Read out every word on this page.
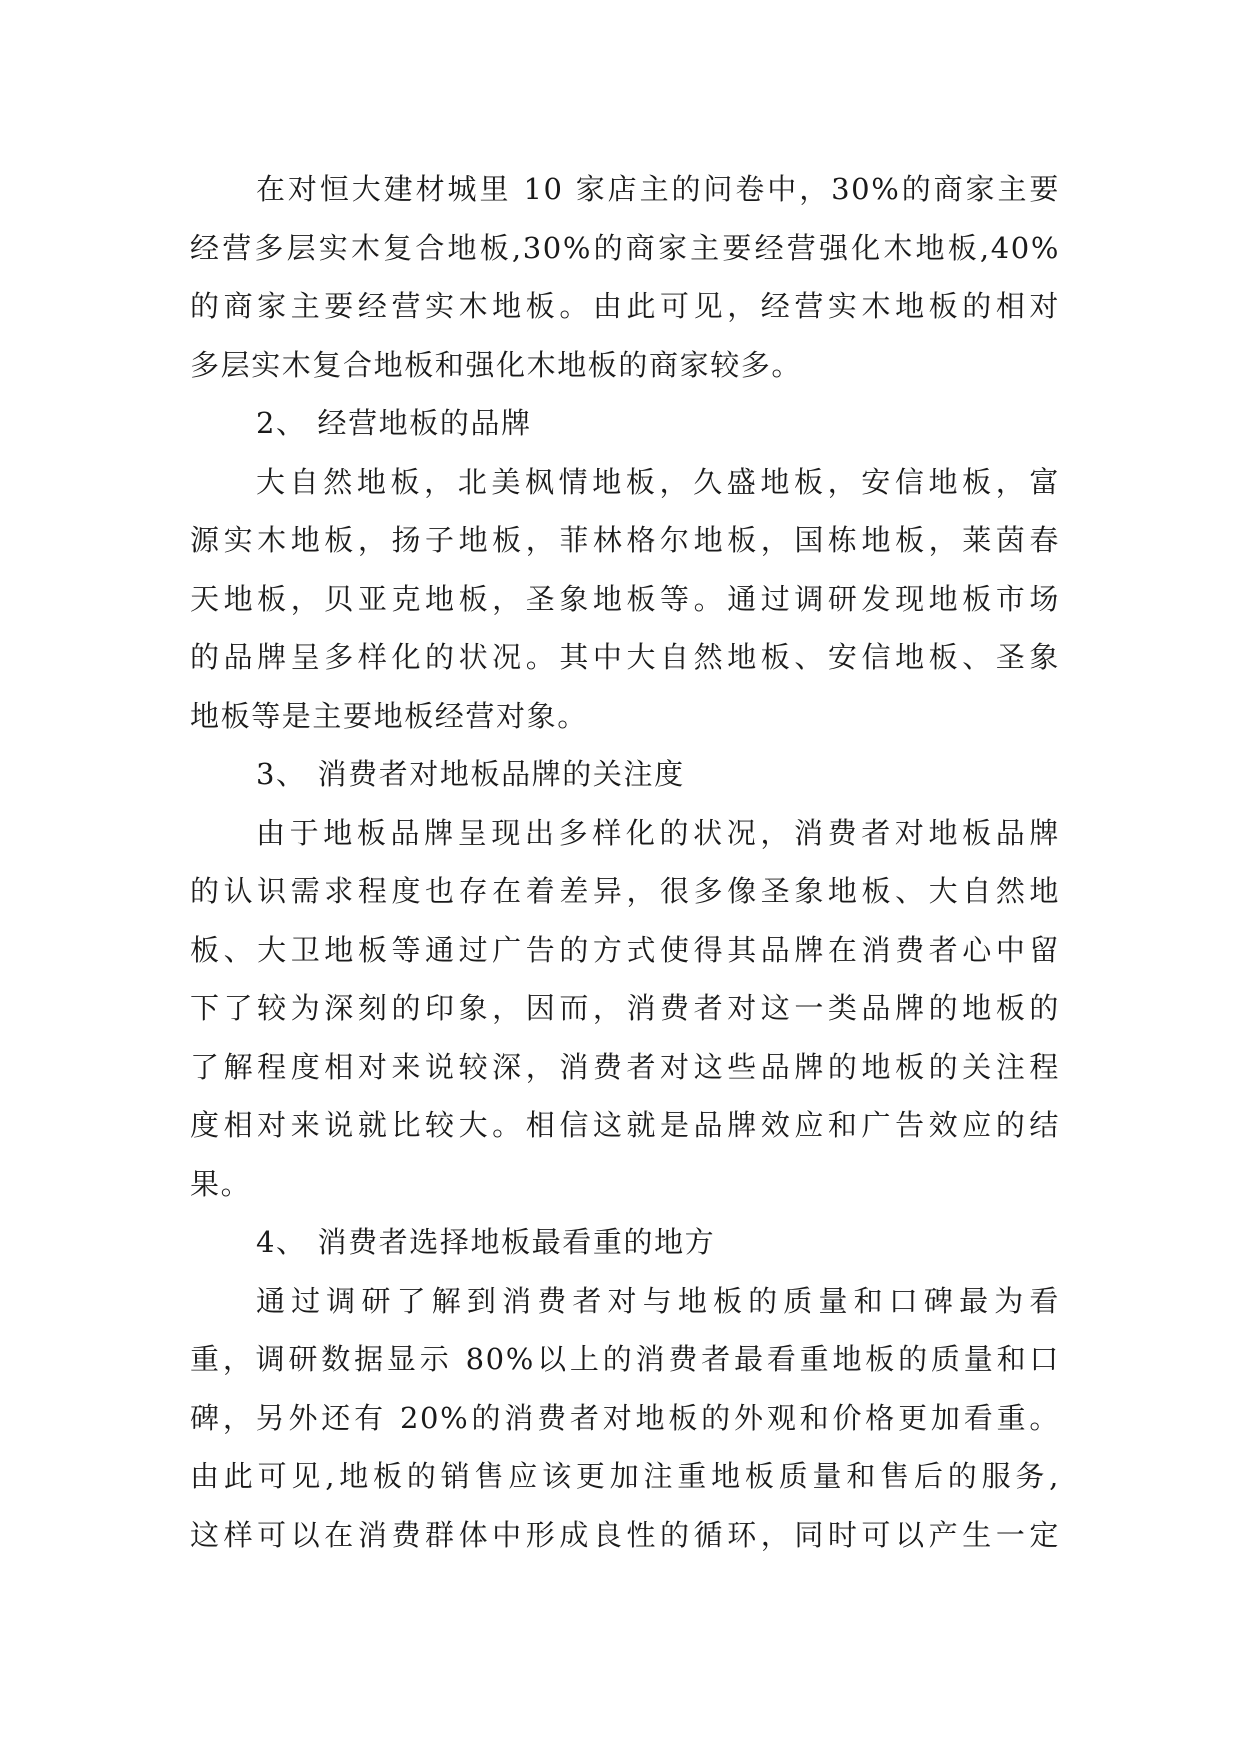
在对恒大建材城里 10 家店主的问卷中，30%的商家主要
经营多层实木复合地板,30%的商家主要经营强化木地板,40%
的商家主要经营实木地板。由此可见，经营实木地板的相对
多层实木复合地板和强化木地板的商家较多。
2、 经营地板的品牌
大自然地板，北美枫情地板，久盛地板，安信地板，富
源实木地板，扬子地板，菲林格尔地板，国栋地板，莱茵春
天地板，贝亚克地板，圣象地板等。通过调研发现地板市场
的品牌呈多样化的状况。其中大自然地板、安信地板、圣象
地板等是主要地板经营对象。
3、 消费者对地板品牌的关注度
由于地板品牌呈现出多样化的状况，消费者对地板品牌
的认识需求程度也存在着差异，很多像圣象地板、大自然地
板、大卫地板等通过广告的方式使得其品牌在消费者心中留
下了较为深刻的印象，因而，消费者对这一类品牌的地板的
了解程度相对来说较深，消费者对这些品牌的地板的关注程
度相对来说就比较大。相信这就是品牌效应和广告效应的结
果。
4、 消费者选择地板最看重的地方
通过调研了解到消费者对与地板的质量和口碑最为看
重，调研数据显示 80%以上的消费者最看重地板的质量和口
碑，另外还有 20%的消费者对地板的外观和价格更加看重。
由此可见,地板的销售应该更加注重地板质量和售后的服务,
这样可以在消费群体中形成良性的循环，同时可以产生一定
